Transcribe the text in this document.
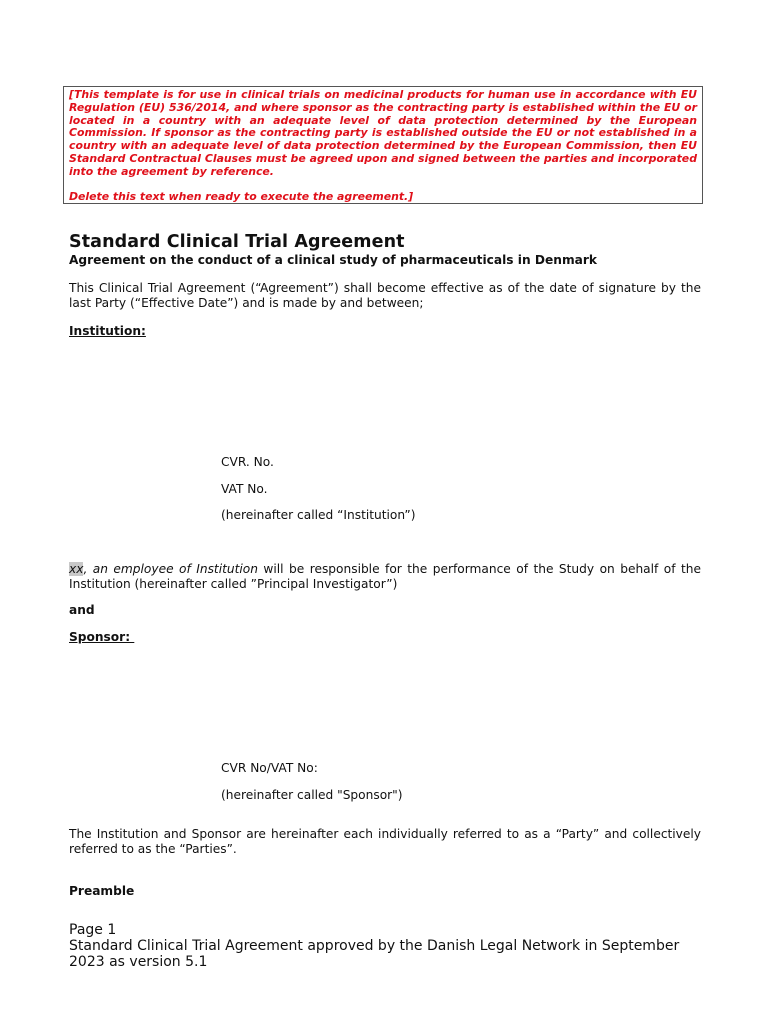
[This template is for use in clinical trials on medicinal products for human use in accordance with EU Regulation (EU) 536/2014, and where sponsor as the contracting party is established within the EU or located in a country with an adequate level of data protection determined by the European Commission. If sponsor as the contracting party is established outside the EU or not established in a country with an adequate level of data protection determined by the European Commission, then EU Standard Contractual Clauses must be agreed upon and signed between the parties and incorporated into the agreement by reference.

Delete this text when ready to execute the agreement.]

Standard Clinical Trial Agreement

Agreement on the conduct of a clinical study of pharmaceuticals in Denmark

This Clinical Trial Agreement (“Agreement”) shall become effective as of the date of signature by the last Party (“Effective Date”) and is made by and between;

Institution:

CVR. No.

VAT No.

(hereinafter called “Institution”)

xx, an employee of Institution will be responsible for the performance of the Study on behalf of the Institution (hereinafter called ”Principal Investigator”)

and

Sponsor:

CVR No/VAT No:

(hereinafter called "Sponsor")

The Institution and Sponsor are hereinafter each individually referred to as a “Party” and collectively referred to as the “Parties”.

Preamble

Page 1
Standard Clinical Trial Agreement approved by the Danish Legal Network in September 2023 as version 5.1
